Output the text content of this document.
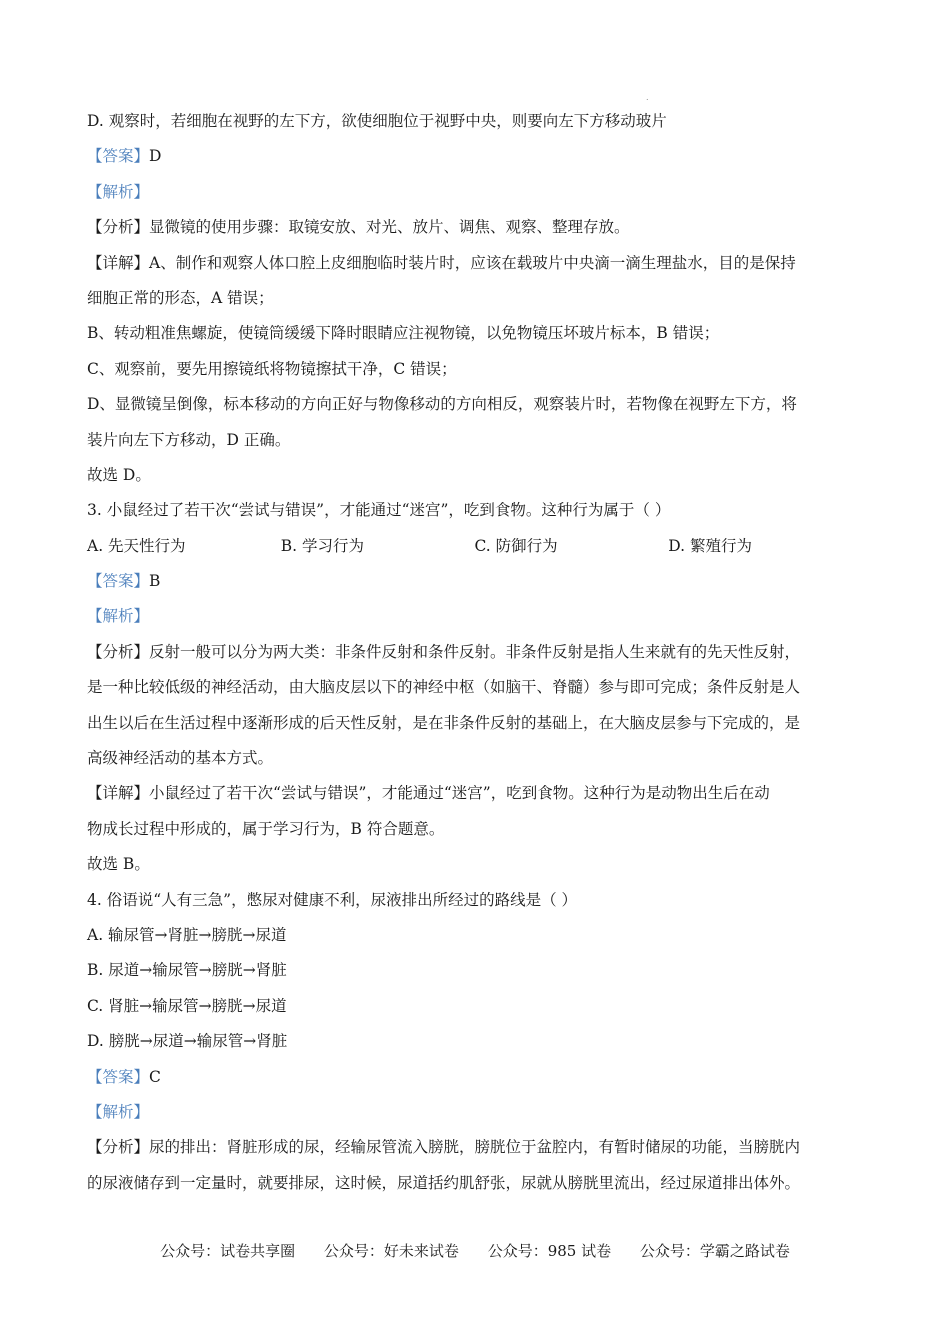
.
D. 观察时，若细胞在视野的左下方，欲使细胞位于视野中央，则要向左下方移动玻片
【答案】D
【解析】
【分析】显微镜的使用步骤：取镜安放、对光、放片、调焦、观察、整理存放。
【详解】A、制作和观察人体口腔上皮细胞临时装片时，应该在载玻片中央滴一滴生理盐水，目的是保持
细胞正常的形态，A 错误；
B、转动粗准焦螺旋，使镜筒缓缓下降时眼睛应注视物镜，以免物镜压坏玻片标本，B 错误；
C、观察前，要先用擦镜纸将物镜擦拭干净，C 错误；
D、显微镜呈倒像，标本移动的方向正好与物像移动的方向相反，观察装片时，若物像在视野左下方，将
装片向左下方移动，D 正确。
故选 D。
3. 小鼠经过了若干次“尝试与错误”，才能通过“迷宫”，吃到食物。这种行为属于（ ）
A. 先天性行为	B. 学习行为	C. 防御行为	D. 繁殖行为
【答案】B
【解析】
【分析】反射一般可以分为两大类：非条件反射和条件反射。非条件反射是指人生来就有的先天性反射，
是一种比较低级的神经活动，由大脑皮层以下的神经中枢（如脑干、脊髓）参与即可完成；条件反射是人
出生以后在生活过程中逐渐形成的后天性反射，是在非条件反射的基础上，在大脑皮层参与下完成的，是
高级神经活动的基本方式。
【详解】小鼠经过了若干次“尝试与错误”，才能通过“迷宫”，吃到食物。这种行为是动物出生后在动
物成长过程中形成的，属于学习行为，B 符合题意。
故选 B。
4. 俗语说“人有三急”，憋尿对健康不利，尿液排出所经过的路线是（ ）
A. 输尿管→肾脏→膀胱→尿道
B. 尿道→输尿管→膀胱→肾脏
C. 肾脏→输尿管→膀胱→尿道
D. 膀胱→尿道→输尿管→肾脏
【答案】C
【解析】
【分析】尿的排出：肾脏形成的尿，经输尿管流入膀胱，膀胱位于盆腔内，有暂时储尿的功能，当膀胱内
的尿液储存到一定量时，就要排尿，这时候，尿道括约肌舒张，尿就从膀胱里流出，经过尿道排出体外。
公众号：试卷共享圈 公众号：好未来试卷 公众号：985 试卷 公众号：学霸之路试卷
